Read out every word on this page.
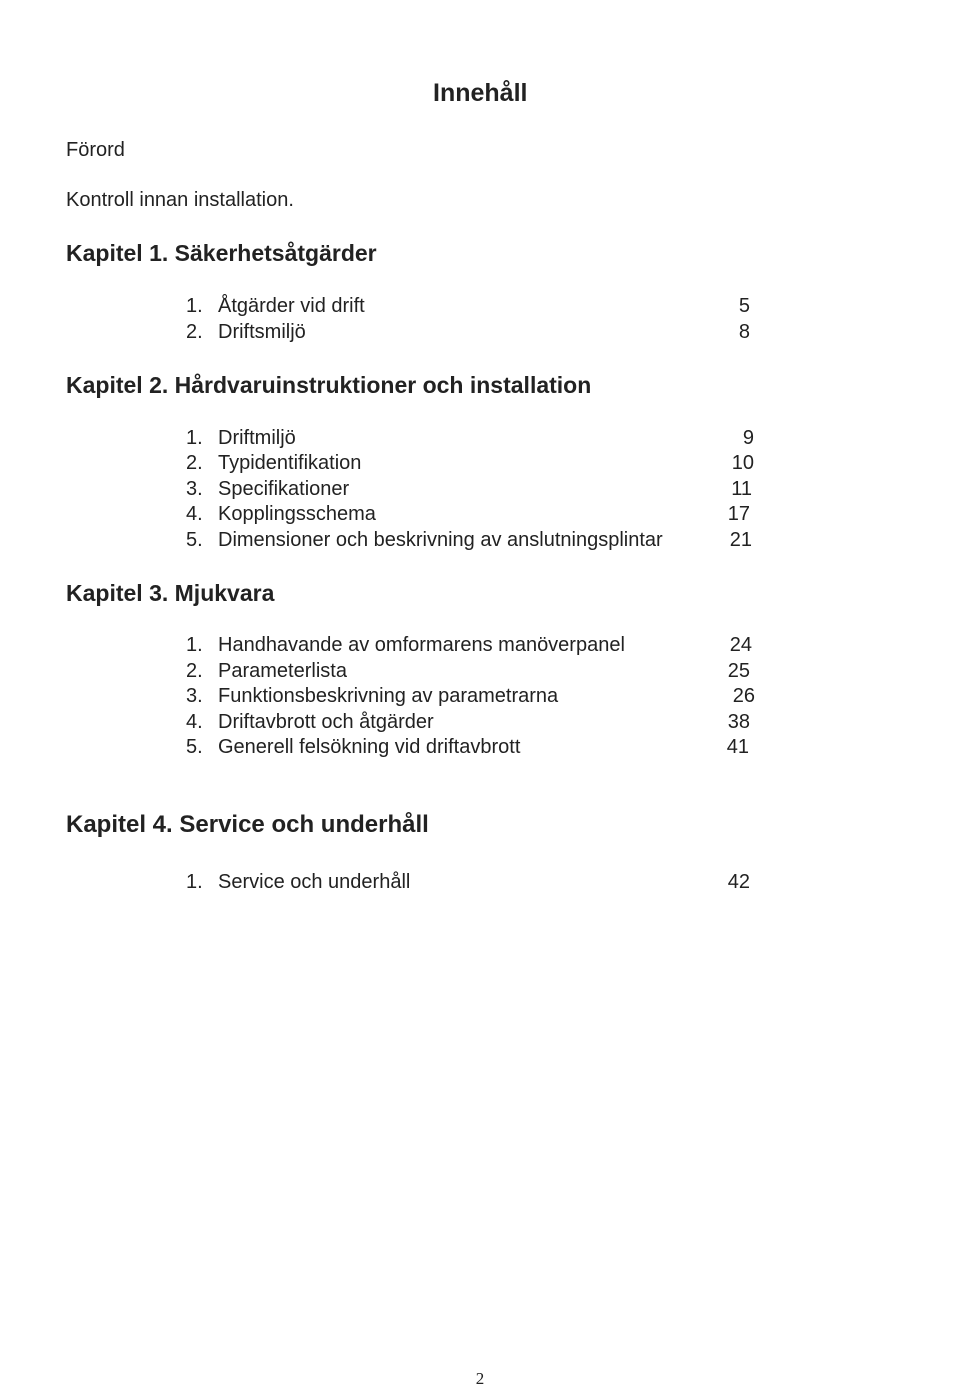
Innehåll
Förord
Kontroll innan installation.
Kapitel 1. Säkerhetsåtgärder
1. Åtgärder vid drift	5
2. Driftsmiljö	8
Kapitel 2. Hårdvaruinstruktioner och installation
1. Driftmiljö	9
2. Typidentifikation	10
3. Specifikationer	11
4. Kopplingsschema	17
5. Dimensioner och beskrivning av anslutningsplintar	21
Kapitel 3. Mjukvara
1. Handhavande av omformarens manöverpanel	24
2. Parameterlista	25
3. Funktionsbeskrivning av parametrarna	26
4. Driftavbrott och åtgärder	38
5. Generell felsökning vid driftavbrott	41
Kapitel 4. Service och underhåll
1. Service och underhåll	42
2
